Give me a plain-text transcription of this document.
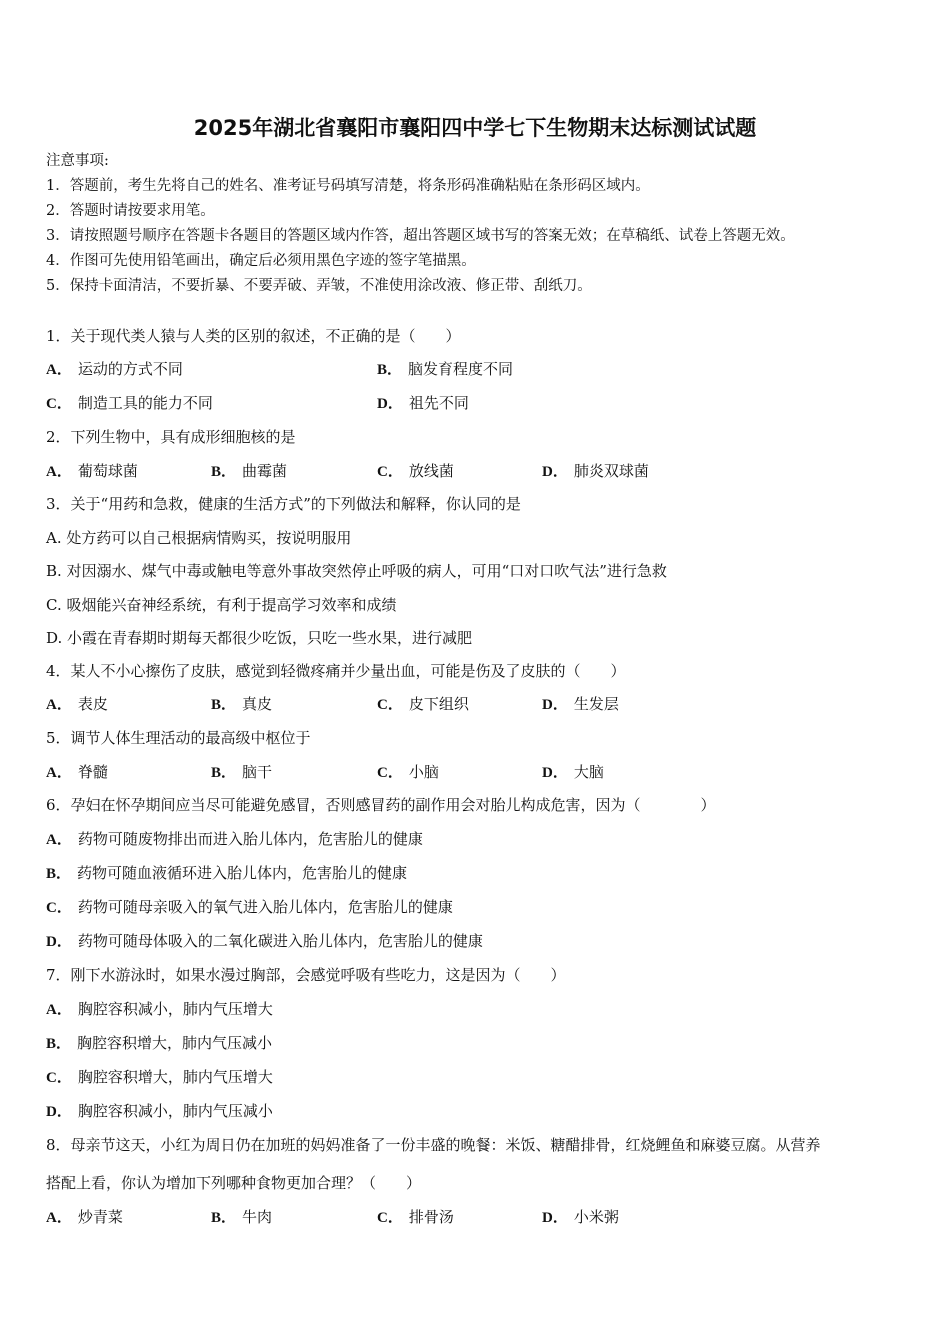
2025年湖北省襄阳市襄阳四中学七下生物期末达标测试试题
注意事项:
1．答题前，考生先将自己的姓名、准考证号码填写清楚，将条形码准确粘贴在条形码区域内。
2．答题时请按要求用笔。
3．请按照题号顺序在答题卡各题目的答题区域内作答，超出答题区域书写的答案无效；在草稿纸、试卷上答题无效。
4．作图可先使用铅笔画出，确定后必须用黑色字迹的签字笔描黑。
5．保持卡面清洁，不要折暴、不要弄破、弄皱，不准使用涂改液、修正带、刮纸刀。
1．关于现代类人猿与人类的区别的叙述，不正确的是（　　）
A． 运动的方式不同	B． 脑发育程度不同
C． 制造工具的能力不同	D． 祖先不同
2．下列生物中，具有成形细胞核的是
A． 葡萄球菌	B． 曲霉菌	C． 放线菌	D． 肺炎双球菌
3．关于“用药和急救，健康的生活方式”的下列做法和解释，你认同的是
A. 处方药可以自己根据病情购买，按说明服用
B. 对因溺水、煤气中毒或触电等意外事故突然停止呼吸的病人，可用“口对口吹气法”进行急救
C. 吸烟能兴奋神经系统，有利于提高学习效率和成绩
D. 小霞在青春期时期每天都很少吃饭，只吃一些水果，进行减肥
4．某人不小心擦伤了皮肤，感觉到轻微疼痛并少量出血，可能是伤及了皮肤的（　　）
A． 表皮	B． 真皮	C． 皮下组织	D． 生发层
5．调节人体生理活动的最高级中枢位于
A． 脊髓	B． 脑干	C． 小脑	D． 大脑
6．孕妇在怀孕期间应当尽可能避免感冒，否则感冒药的副作用会对胎儿构成危害，因为（　　　　）
A． 药物可随废物排出而进入胎儿体内，危害胎儿的健康
B． 药物可随血液循环进入胎儿体内，危害胎儿的健康
C． 药物可随母亲吸入的氧气进入胎儿体内，危害胎儿的健康
D． 药物可随母体吸入的二氧化碳进入胎儿体内，危害胎儿的健康
7．刚下水游泳时，如果水漫过胸部，会感觉呼吸有些吃力，这是因为（　　）
A． 胸腔容积减小，肺内气压增大
B． 胸腔容积增大，肺内气压减小
C． 胸腔容积增大，肺内气压增大
D． 胸腔容积减小，肺内气压减小
8．母亲节这天，小红为周日仍在加班的妈妈准备了一份丰盛的晚餐：米饭、糖醋排骨，红烧鲤鱼和麻婆豆腐。从营养
搭配上看，你认为增加下列哪种食物更加合理？（　　）
A． 炒青菜	B． 牛肉	C． 排骨汤	D． 小米粥
